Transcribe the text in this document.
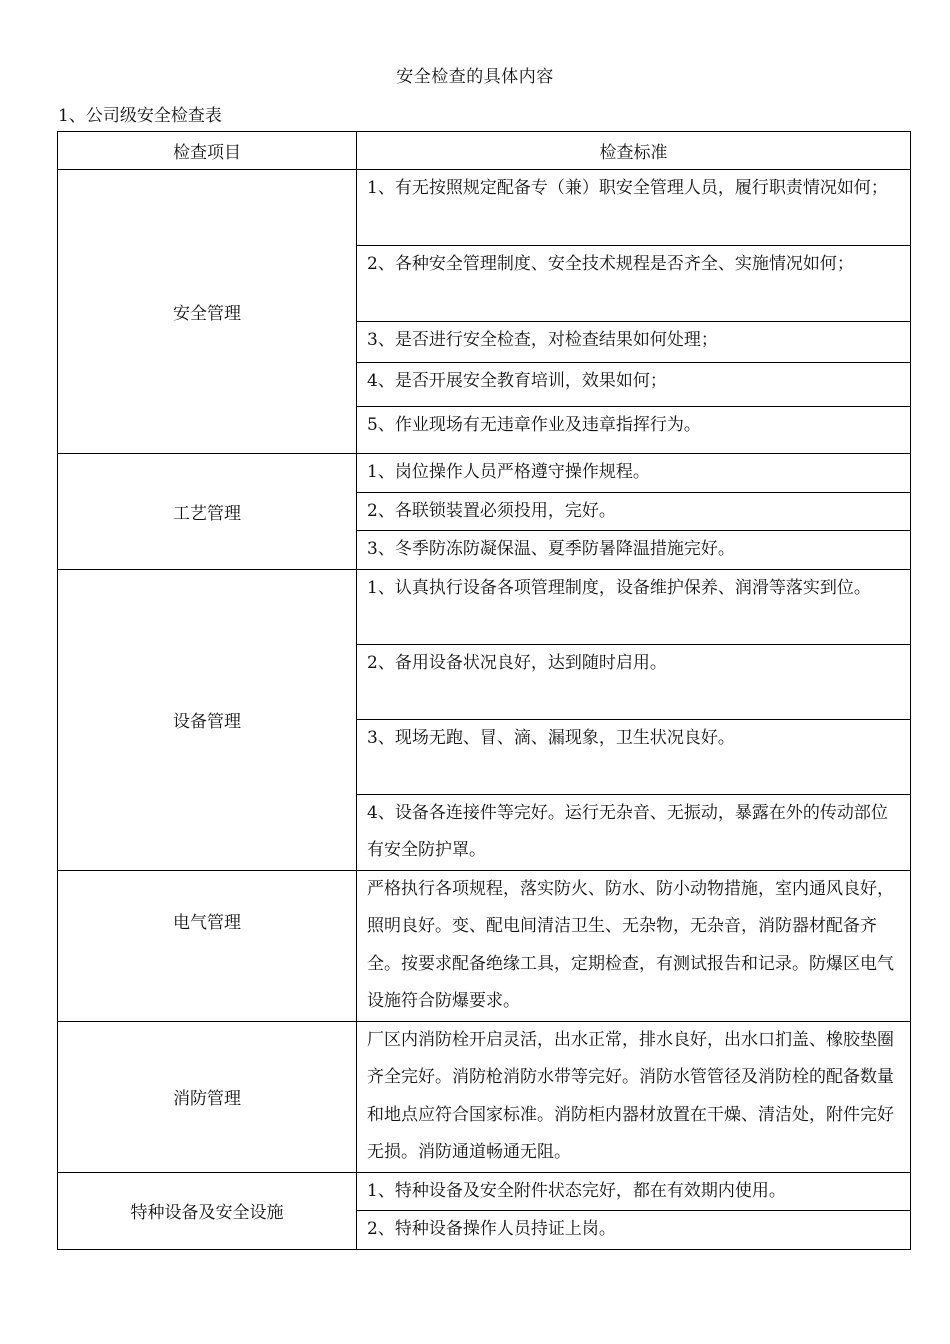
安全检查的具体内容
1、公司级安全检查表
检查项目	检查标准
安全管理	1、有无按照规定配备专（兼）职安全管理人员，履行职责情况如何；
	2、各种安全管理制度、安全技术规程是否齐全、实施情况如何；
	3、是否进行安全检查，对检查结果如何处理；
	4、是否开展安全教育培训，效果如何；
	5、作业现场有无违章作业及违章指挥行为。
工艺管理	1、岗位操作人员严格遵守操作规程。
	2、各联锁装置必须投用，完好。
	3、冬季防冻防凝保温、夏季防暑降温措施完好。
设备管理	1、认真执行设备各项管理制度，设备维护保养、润滑等落实到位。
	2、备用设备状况良好，达到随时启用。
	3、现场无跑、冒、滴、漏现象，卫生状况良好。
	4、设备各连接件等完好。运行无杂音、无振动，暴露在外的传动部位有安全防护罩。
电气管理	严格执行各项规程，落实防火、防水、防小动物措施，室内通风良好，照明良好。变、配电间清洁卫生、无杂物，无杂音，消防器材配备齐全。按要求配备绝缘工具，定期检查，有测试报告和记录。防爆区电气设施符合防爆要求。
消防管理	厂区内消防栓开启灵活，出水正常，排水良好，出水口扪盖、橡胶垫圈齐全完好。消防枪消防水带等完好。消防水管管径及消防栓的配备数量和地点应符合国家标准。消防柜内器材放置在干燥、清洁处，附件完好无损。消防通道畅通无阻。
特种设备及安全设施	1、特种设备及安全附件状态完好，都在有效期内使用。
	2、特种设备操作人员持证上岗。
